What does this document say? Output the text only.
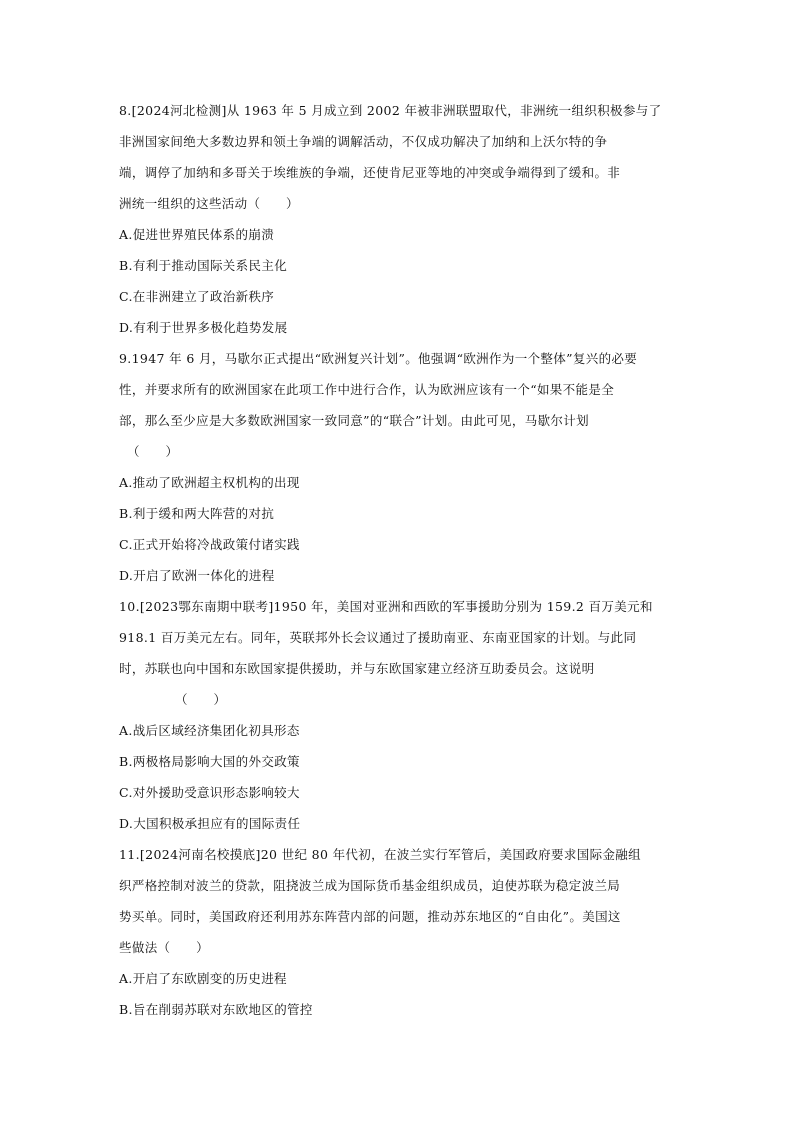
8.[2024河北检测]从 1963 年 5 月成立到 2002 年被非洲联盟取代，非洲统一组织积极参与了
非洲国家间绝大多数边界和领土争端的调解活动，不仅成功解决了加纳和上沃尔特的争
端，调停了加纳和多哥关于埃维族的争端，还使肯尼亚等地的冲突或争端得到了缓和。非
洲统一组织的这些活动（　　）
A.促进世界殖民体系的崩溃
B.有利于推动国际关系民主化
C.在非洲建立了政治新秩序
D.有利于世界多极化趋势发展
9.1947 年 6 月，马歇尔正式提出“欧洲复兴计划”。他强调“欧洲作为一个整体”复兴的必要
性，并要求所有的欧洲国家在此项工作中进行合作，认为欧洲应该有一个“如果不能是全
部，那么至少应是大多数欧洲国家一致同意”的“联合”计划。由此可见，马歇尔计划
（　　）
A.推动了欧洲超主权机构的出现
B.利于缓和两大阵营的对抗
C.正式开始将冷战政策付诸实践
D.开启了欧洲一体化的进程
10.[2023鄂东南期中联考]1950 年，美国对亚洲和西欧的军事援助分别为 159.2 百万美元和
918.1 百万美元左右。同年，英联邦外长会议通过了援助南亚、东南亚国家的计划。与此同
时，苏联也向中国和东欧国家提供援助，并与东欧国家建立经济互助委员会。这说明
（　　）
A.战后区域经济集团化初具形态
B.两极格局影响大国的外交政策
C.对外援助受意识形态影响较大
D.大国积极承担应有的国际责任
11.[2024河南名校摸底]20 世纪 80 年代初，在波兰实行军管后，美国政府要求国际金融组
织严格控制对波兰的贷款，阻挠波兰成为国际货币基金组织成员，迫使苏联为稳定波兰局
势买单。同时，美国政府还利用苏东阵营内部的问题，推动苏东地区的“自由化”。美国这
些做法（　　）
A.开启了东欧剧变的历史进程
B.旨在削弱苏联对东欧地区的管控
